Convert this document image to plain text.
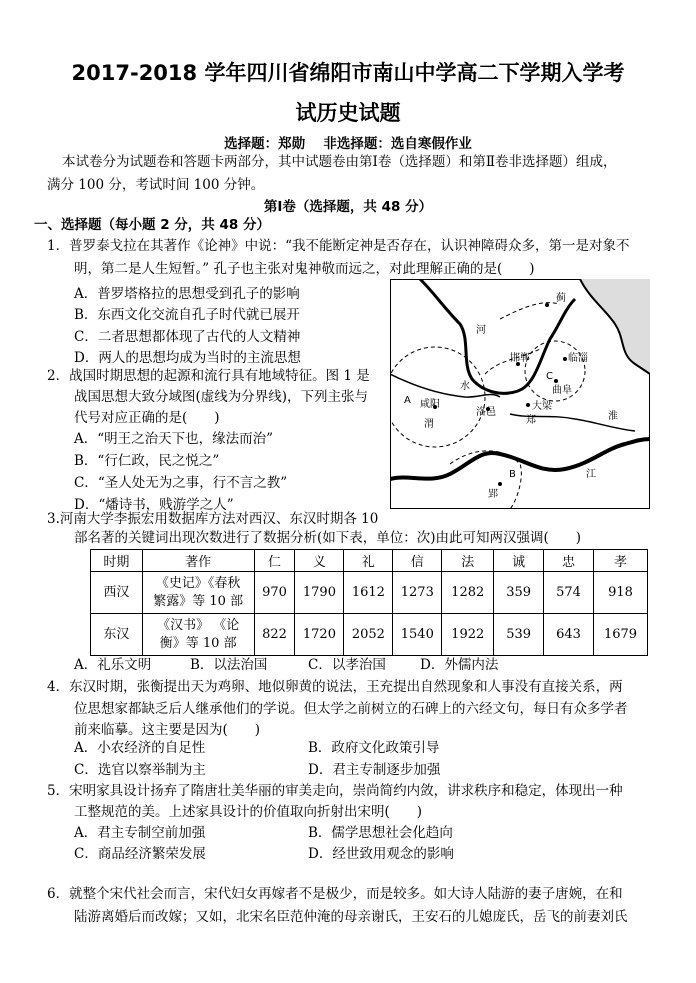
2017-2018 学年四川省绵阳市南山中学高二下学期入学考
试历史试题
选择题：郑勋　 非选择题：选自寒假作业
本试卷分为试题卷和答题卡两部分，其中试题卷由第Ⅰ卷（选择题）和第Ⅱ卷非选择题）组成，
满分 100 分，考试时间 100 分钟。
第Ⅰ卷（选择题，共 48 分）
一、选择题（每小题 2 分，共 48 分）
1．普罗泰戈拉在其著作《论神》中说：“我不能断定神是否存在，认识神障碍众多，第一是对象不
明，第二是人生短暂。” 孔子也主张对鬼神敬而远之，对此理解正确的是(　　)
A．普罗塔格拉的思想受到孔子的影响
B．东西文化交流自孔子时代就已展开
C．二者思想都体现了古代的人文精神
D．两人的思想均成为当时的主流思想
2．战国时期思想的起源和流行具有地域特征。图 1 是
战国思想大致分域图(虚线为分界线)，下列主张与
代号对应正确的是(　　)
A．“明王之治天下也，缘法而治”
B．“行仁政，民之悦之”
C．“圣人处无为之事，行不言之教”
D．“燔诗书，贱游学之人”
蓟
河
邯郸	临淄
C
曲阜
A 咸阳
洛邑
大梁
郑
水
渭
淮
B
郢
江
3.河南大学李振宏用数据库方法对西汉、东汉时期各 10
部名著的关键词出现次数进行了数据分析(如下表，单位：次)由此可知两汉强调(　　)
时期	著作	仁	义	礼	信	法	诚	忠	孝
西汉	《史记》《春秋
繁露》等 10 部	970	1790	1612	1273	1282	359	574	918
东汉	《汉书》 《论
衡》等 10 部	822	1720	2052	1540	1922	539	643	1679
A．礼乐文明	B．以法治国	C．以孝治国	D．外儒内法
4．东汉时期，张衡提出天为鸡卵、地似卵黄的说法，王充提出自然现象和人事没有直接关系，两
位思想家都缺乏后人继承他们的学说。但太学之前树立的石碑上的六经文句，每日有众多学者
前来临摹。这主要是因为(　　)
A．小农经济的自足性	B．政府文化政策引导
C．选官以察举制为主	D．君主专制逐步加强
5．宋明家具设计扬弃了隋唐壮美华丽的审美走向，崇尚简约内敛，讲求秩序和稳定，体现出一种
工整规范的美。上述家具设计的价值取向折射出宋明(　　)
A．君主专制空前加强	B．儒学思想社会化趋向
C．商品经济繁荣发展	D．经世致用观念的影响
6．就整个宋代社会而言，宋代妇女再嫁者不是极少，而是较多。如大诗人陆游的妻子唐婉，在和
陆游离婚后而改嫁；又如，北宋名臣范仲淹的母亲谢氏，王安石的儿媳庞氏，岳飞的前妻刘氏
